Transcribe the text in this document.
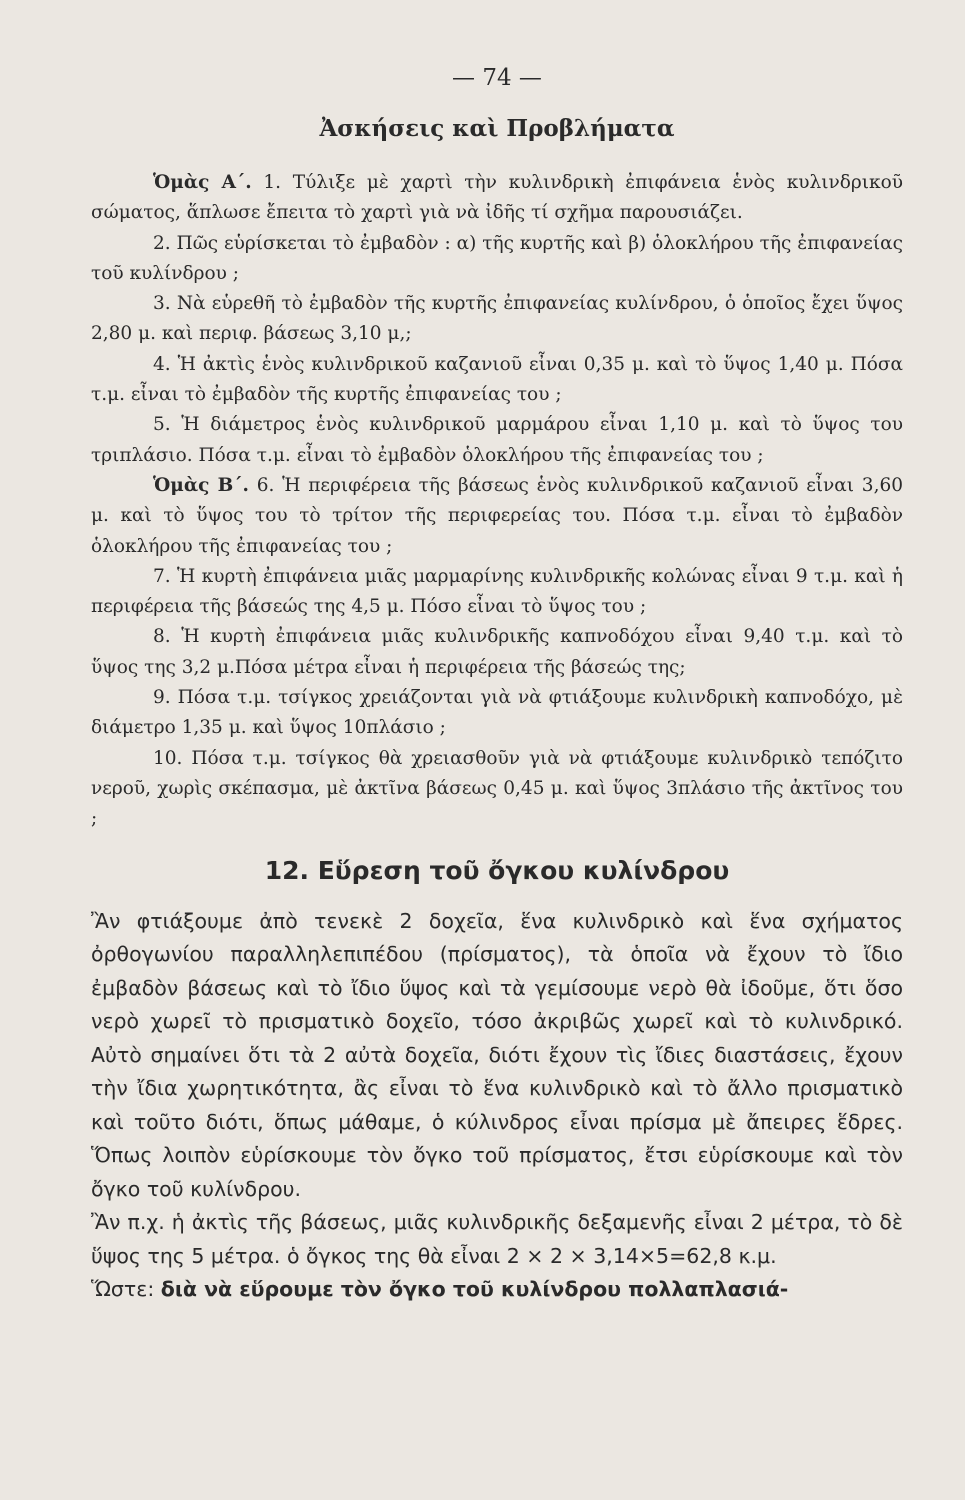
— 74 —
Ἀσκήσεις καὶ Προβλήματα

Ὁμὰς Α΄. 1. Τύλιξε μὲ χαρτὶ τὴν κυλινδρικὴ ἐπιφάνεια ἑνὸς κυλινδρικοῦ σώματος, ἅπλωσε ἔπειτα τὸ χαρτὶ γιὰ νὰ ἰδῆς τί σχῆμα παρουσιάζει.

2. Πῶς εὑρίσκεται τὸ ἐμβαδὸν : α) τῆς κυρτῆς καὶ β) ὁλοκλήρου τῆς ἐπιφανείας τοῦ κυλίνδρου ;

3. Νὰ εὑρεθῆ τὸ ἐμβαδὸν τῆς κυρτῆς ἐπιφανείας κυλίνδρου, ὁ ὁποῖος ἔχει ὕψος 2,80 μ. καὶ περιφ. βάσεως 3,10 μ,;

4. Ἡ ἀκτὶς ἑνὸς κυλινδρικοῦ καζανιοῦ εἶναι 0,35 μ. καὶ τὸ ὕψος 1,40 μ. Πόσα τ.μ. εἶναι τὸ ἐμβαδὸν τῆς κυρτῆς ἐπιφανείας του ;

5. Ἡ διάμετρος ἑνὸς κυλινδρικοῦ μαρμάρου εἶναι 1,10 μ. καὶ τὸ ὕψος του τριπλάσιο. Πόσα τ.μ. εἶναι τὸ ἐμβαδὸν ὁλοκλήρου τῆς ἐπιφανείας του ;

Ὁμὰς Β΄. 6. Ἡ περιφέρεια τῆς βάσεως ἑνὸς κυλινδρικοῦ καζανιοῦ εἶναι 3,60 μ. καὶ τὸ ὕψος του τὸ τρίτον τῆς περιφερείας του. Πόσα τ.μ. εἶναι τὸ ἐμβαδὸν ὁλοκλήρου τῆς ἐπιφανείας του ;

7. Ἡ κυρτὴ ἐπιφάνεια μιᾶς μαρμαρίνης κυλινδρικῆς κολώνας εἶναι 9 τ.μ. καὶ ἡ περιφέρεια τῆς βάσεώς της 4,5 μ. Πόσο εἶναι τὸ ὕψος του ;

8. Ἡ κυρτὴ ἐπιφάνεια μιᾶς κυλινδρικῆς καπνοδόχου εἶναι 9,40 τ.μ. καὶ τὸ ὕψος της 3,2 μ.Πόσα μέτρα εἶναι ἡ περιφέρεια τῆς βάσεώς της;

9. Πόσα τ.μ. τσίγκος χρειάζονται γιὰ νὰ φτιάξουμε κυλινδρικὴ καπνοδόχο, μὲ διάμετρο 1,35 μ. καὶ ὕψος 10πλάσιο ;

10. Πόσα τ.μ. τσίγκος θὰ χρειασθοῦν γιὰ νὰ φτιάξουμε κυλινδρικὸ τεπόζιτο νεροῦ, χωρὶς σκέπασμα, μὲ ἀκτῖνα βάσεως 0,45 μ. καὶ ὕψος 3πλάσιο τῆς ἀκτῖνος του ;

12. Εὕρεση τοῦ ὄγκου κυλίνδρου

Ἂν φτιάξουμε ἀπὸ τενεκὲ 2 δοχεῖα, ἕνα κυλινδρικὸ καὶ ἕνα σχήματος ὀρθογωνίου παραλληλεπιπέδου (πρίσματος), τὰ ὁποῖα νὰ ἔχουν τὸ ἴδιο ἐμβαδὸν βάσεως καὶ τὸ ἴδιο ὕψος καὶ τὰ γεμίσουμε νερὸ θὰ ἰδοῦμε, ὅτι ὅσο νερὸ χωρεῖ τὸ πρισματικὸ δοχεῖο, τόσο ἀκριβῶς χωρεῖ καὶ τὸ κυλινδρικό. Αὐτὸ σημαίνει ὅτι τὰ 2 αὐτὰ δοχεῖα, διότι ἔχουν τὶς ἴδιες διαστάσεις, ἔχουν τὴν ἴδια χωρητικότητα, ἂς εἶναι τὸ ἕνα κυλινδρικὸ καὶ τὸ ἄλλο πρισματικὸ καὶ τοῦτο διότι, ὅπως μάθαμε, ὁ κύλινδρος εἶναι πρίσμα μὲ ἄπειρες ἕδρες. Ὅπως λοιπὸν εὑρίσκουμε τὸν ὄγκο τοῦ πρίσματος, ἔτσι εὑρίσκουμε καὶ τὸν ὄγκο τοῦ κυλίνδρου.

Ἂν π.χ. ἡ ἀκτὶς τῆς βάσεως, μιᾶς κυλινδρικῆς δεξαμενῆς εἶναι 2 μέτρα, τὸ δὲ ὕψος της 5 μέτρα. ὁ ὄγκος της θὰ εἶναι 2 × 2 × 3,14×5=62,8 κ.μ.

Ὥστε: διὰ νὰ εὕρουμε τὸν ὄγκο τοῦ κυλίνδρου πολλαπλασιά-
